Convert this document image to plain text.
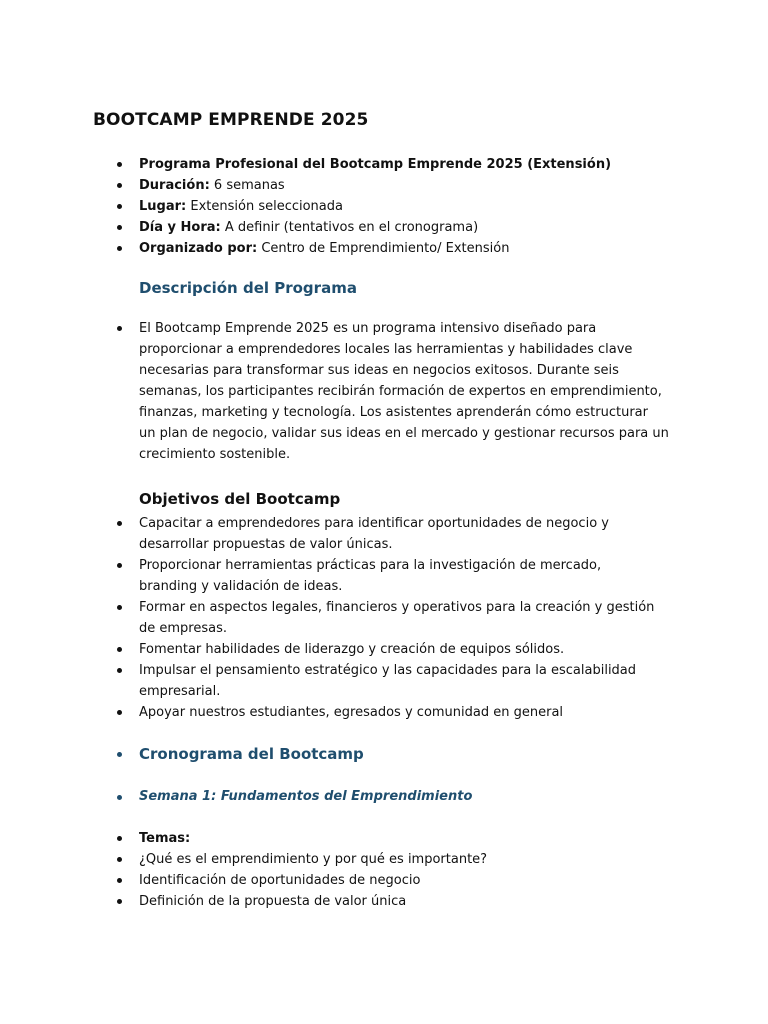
BOOTCAMP EMPRENDE 2025
Programa Profesional del Bootcamp Emprende 2025 (Extensión)
Duración: 6 semanas
Lugar: Extensión seleccionada
Día y Hora: A definir (tentativos en el cronograma)
Organizado por: Centro de Emprendimiento/ Extensión
Descripción del Programa
El Bootcamp Emprende 2025 es un programa intensivo diseñado para
proporcionar a emprendedores locales las herramientas y habilidades clave
necesarias para transformar sus ideas en negocios exitosos. Durante seis
semanas, los participantes recibirán formación de expertos en emprendimiento,
finanzas, marketing y tecnología. Los asistentes aprenderán cómo estructurar
un plan de negocio, validar sus ideas en el mercado y gestionar recursos para un
crecimiento sostenible.
Objetivos del Bootcamp
Capacitar a emprendedores para identificar oportunidades de negocio y
desarrollar propuestas de valor únicas.
Proporcionar herramientas prácticas para la investigación de mercado,
branding y validación de ideas.
Formar en aspectos legales, financieros y operativos para la creación y gestión
de empresas.
Fomentar habilidades de liderazgo y creación de equipos sólidos.
Impulsar el pensamiento estratégico y las capacidades para la escalabilidad
empresarial.
Apoyar nuestros estudiantes, egresados y comunidad en general
Cronograma del Bootcamp
Semana 1: Fundamentos del Emprendimiento
Temas:
¿Qué es el emprendimiento y por qué es importante?
Identificación de oportunidades de negocio
Definición de la propuesta de valor única
